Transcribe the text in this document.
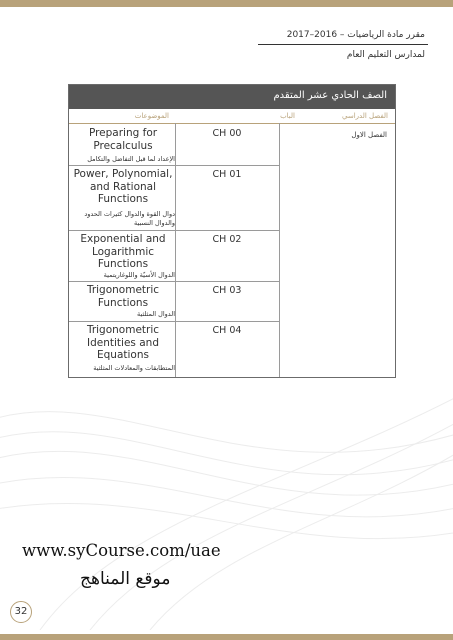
مقرر مادة الرياضيات – 2016–2017
لمدارس التعليم العام
الصف الحادي عشر المتقدم
الفصل الدراسي
الباب
الموضوعات
الفصل الاول
Preparing for Precalculus
الإعداد لما قبل التفاضل والتكامل
CH 00
Power, Polynomial, and Rational Functions
دوال القوة والدوال كثيرات الحدود والدوال النسبية
CH 01
Exponential and Logarithmic Functions
الدوال الأسيّة واللوغاريتمية
CH 02
Trigonometric Functions
الدوال المثلثية
CH 03
Trigonometric Identities and Equations
المتطابقات والمعادلات المثلثية
CH 04
www.syCourse.com/uae
موقع المناهج
32
